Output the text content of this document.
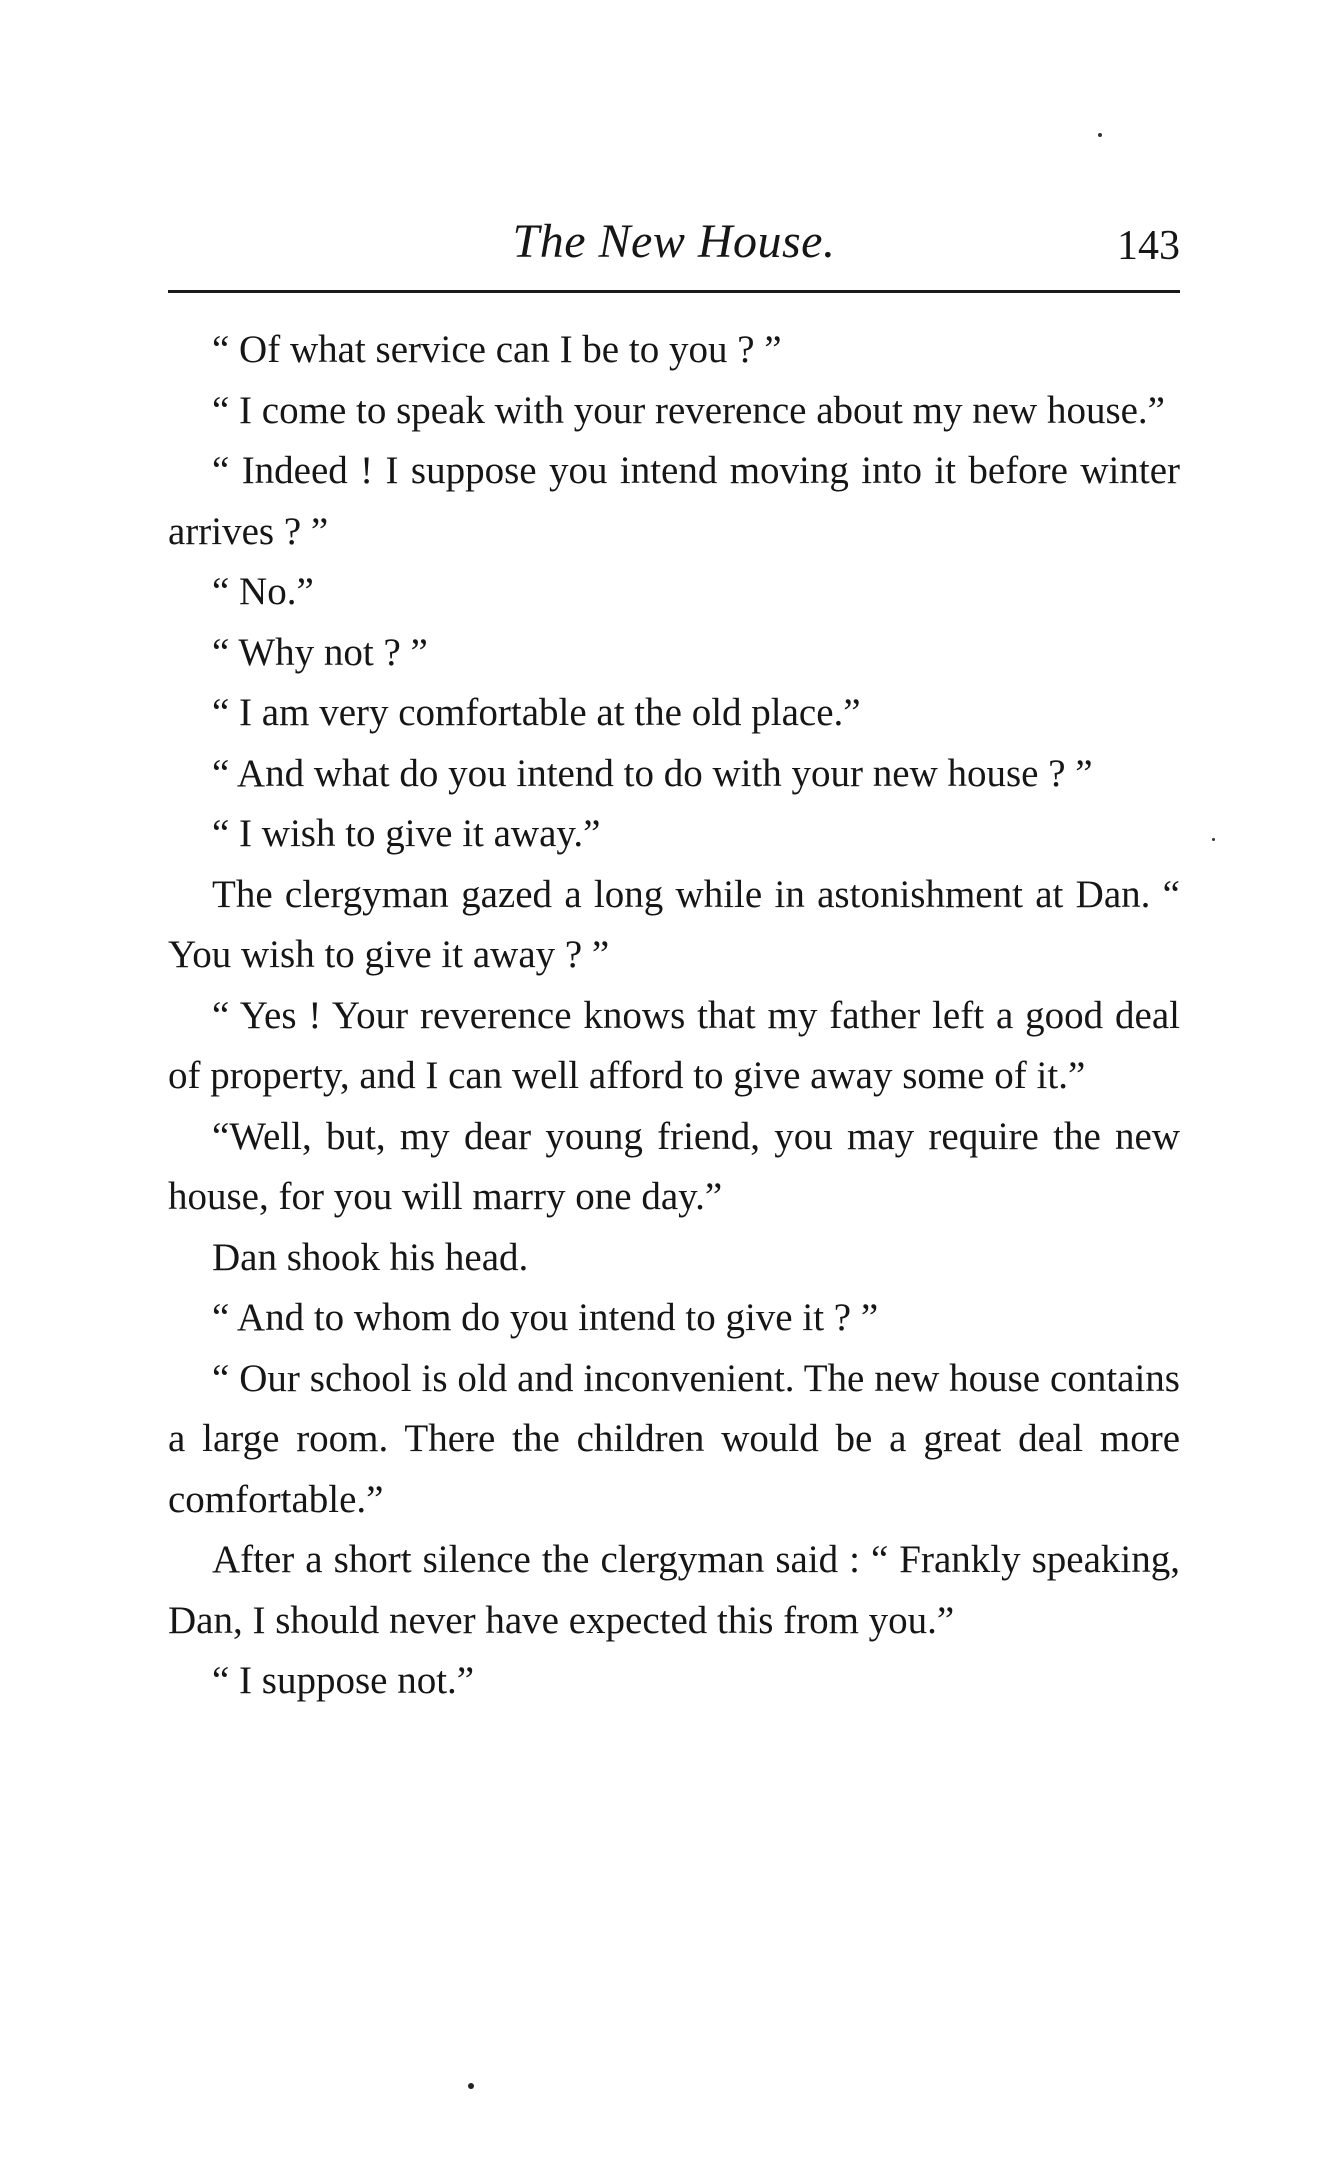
The New House.	143

“ Of what service can I be to you ? ”

“ I come to speak with your reverence about my new house.”

“ Indeed ! I suppose you intend moving into it before winter arrives ? ”

“ No.”

“ Why not ? ”

“ I am very comfortable at the old place.”

“ And what do you intend to do with your new house ? ”

“ I wish to give it away.”

The clergyman gazed a long while in astonishment at Dan. “ You wish to give it away ? ”

“ Yes ! Your reverence knows that my father left a good deal of property, and I can well afford to give away some of it.”

“Well, but, my dear young friend, you may require the new house, for you will marry one day.”

Dan shook his head.

“ And to whom do you intend to give it ? ”

“ Our school is old and inconvenient. The new house contains a large room. There the children would be a great deal more comfortable.”

After a short silence the clergyman said : “ Frankly speaking, Dan, I should never have expected this from you.”

“ I suppose not.”
